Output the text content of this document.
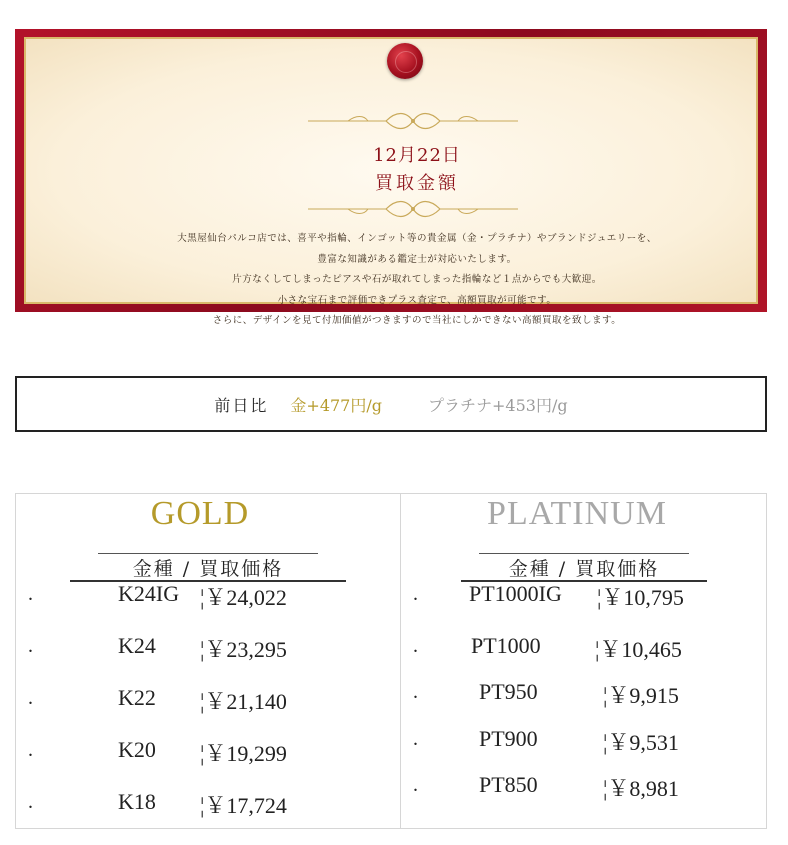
12月22日
買取金額
大黒屋仙台パルコ店では、喜平や指輪、インゴット等の貴金属（金・プラチナ）やブランドジュエリーを、
豊富な知識がある鑑定士が対応いたします。
片方なくしてしまったピアスや石が取れてしまった指輪など１点からでも大歓迎。
小さな宝石まで評価できプラス査定で、高額買取が可能です。
さらに、デザインを見て付加価値がつきますので当社にしかできない高額買取を致します。
前日比 金+477円/g	プラチナ+453円/g
GOLD
金種 / 買取価格
.	K24IG ¦￥24,022
.	K24 ¦￥23,295
.	K22 ¦￥21,140
.	K20 ¦￥19,299
.	K18 ¦￥17,724
PLATINUM
金種 / 買取価格
. PT1000IG ¦￥10,795
. PT1000 ¦￥10,465
.	PT950	¦￥9,915
.	PT900	¦￥9,531
.	PT850	¦￥8,981
